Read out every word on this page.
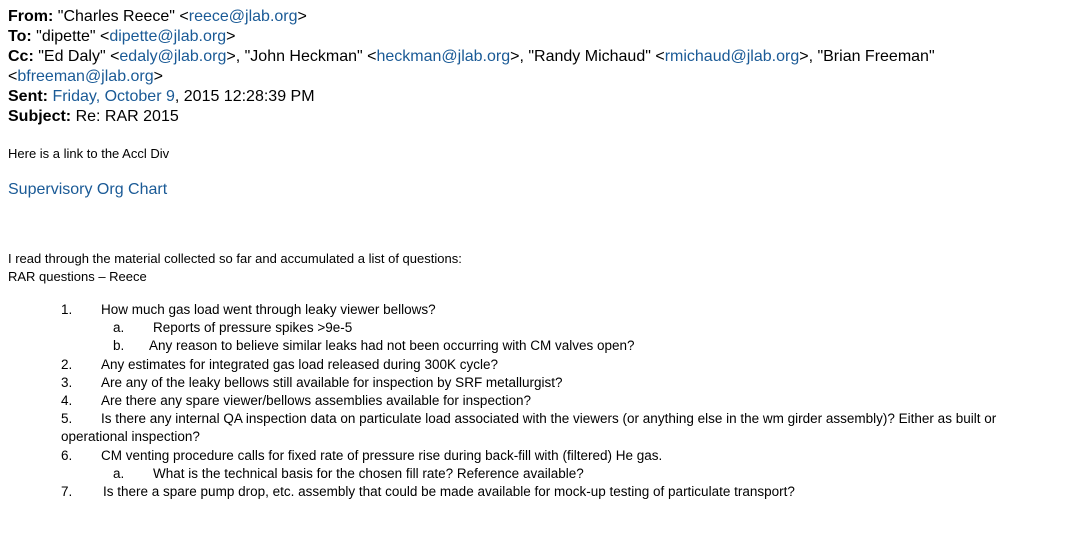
From: "Charles Reece" <reece@jlab.org>
To: "dipette" <dipette@jlab.org>
Cc: "Ed Daly" <edaly@jlab.org>, "John Heckman" <heckman@jlab.org>, "Randy Michaud" <rmichaud@jlab.org>, "Brian Freeman"
<bfreeman@jlab.org>
Sent: Friday, October 9, 2015 12:28:39 PM
Subject: Re: RAR 2015
Here is a link to the Accl Div
Supervisory Org Chart
I read through the material collected so far and accumulated a list of questions:
RAR questions – Reece
1. How much gas load went through leaky viewer bellows?
a. Reports of pressure spikes >9e-5
b. Any reason to believe similar leaks had not been occurring with CM valves open?
2. Any estimates for integrated gas load released during 300K cycle?
3. Are any of the leaky bellows still available for inspection by SRF metallurgist?
4. Are there any spare viewer/bellows assemblies available for inspection?
5. Is there any internal QA inspection data on particulate load associated with the viewers (or anything else in the wm girder assembly)? Either as built or
operational inspection?
6. CM venting procedure calls for fixed rate of pressure rise during back-fill with (filtered) He gas.
a. What is the technical basis for the chosen fill rate? Reference available?
7. Is there a spare pump drop, etc. assembly that could be made available for mock-up testing of particulate transport?
